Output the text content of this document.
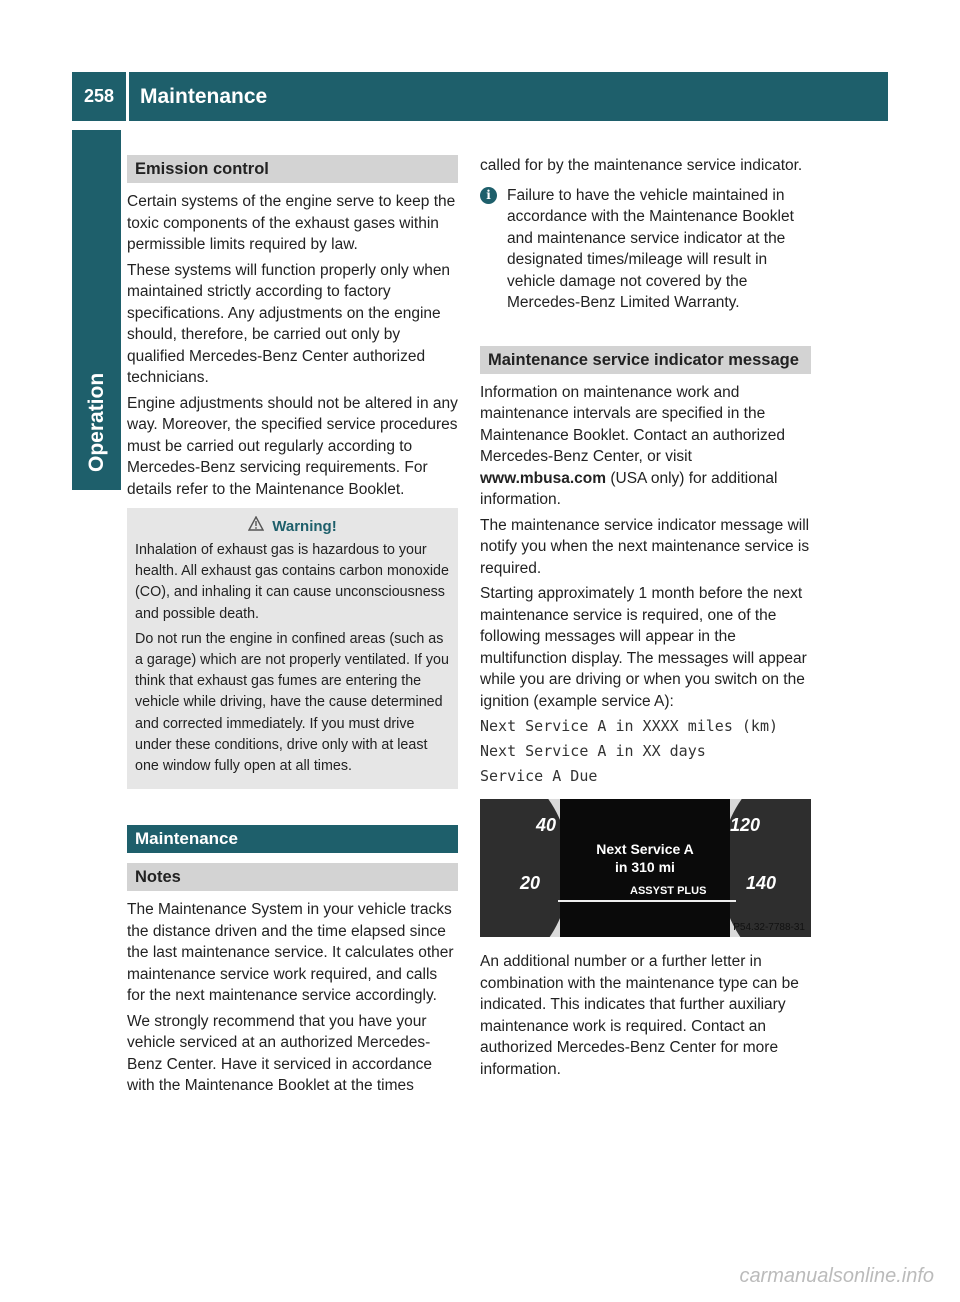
258	Maintenance
Operation
Emission control

Certain systems of the engine serve to keep the toxic components of the exhaust gases within permissible limits required by law.

These systems will function properly only when maintained strictly according to factory specifications. Any adjustments on the engine should, therefore, be carried out only by qualified Mercedes-Benz Center authorized technicians.

Engine adjustments should not be altered in any way. Moreover, the specified service procedures must be carried out regularly according to Mercedes-Benz servicing requirements. For details refer to the Maintenance Booklet.

Warning!

Inhalation of exhaust gas is hazardous to your health. All exhaust gas contains carbon monoxide (CO), and inhaling it can cause unconsciousness and possible death.

Do not run the engine in confined areas (such as a garage) which are not properly ventilated. If you think that exhaust gas fumes are entering the vehicle while driving, have the cause determined and corrected immediately. If you must drive under these conditions, drive only with at least one window fully open at all times.

Maintenance
Notes

The Maintenance System in your vehicle tracks the distance driven and the time elapsed since the last maintenance service. It calculates other maintenance service work required, and calls for the next maintenance service accordingly.

We strongly recommend that you have your vehicle serviced at an authorized Mercedes-Benz Center. Have it serviced in accordance with the Maintenance Booklet at the times

called for by the maintenance service indicator.

i	Failure to have the vehicle maintained in accordance with the Maintenance Booklet and maintenance service indicator at the designated times/mileage will result in vehicle damage not covered by the Mercedes-Benz Limited Warranty.

Maintenance service indicator message

Information on maintenance work and maintenance intervals are specified in the Maintenance Booklet. Contact an authorized Mercedes-Benz Center, or visit www.mbusa.com (USA only) for additional information.

The maintenance service indicator message will notify you when the next maintenance service is required.

Starting approximately 1 month before the next maintenance service is required, one of the following messages will appear in the multifunction display. The messages will appear while you are driving or when you switch on the ignition (example service A):

Next Service A in XXXX miles (km)
Next Service A in XX days
Service A Due
40
20
120
140
Next Service A
in 310 mi
ASSYST PLUS
P54.32-7788-31

An additional number or a further letter in combination with the maintenance type can be indicated. This indicates that further auxiliary maintenance work is required. Contact an authorized Mercedes-Benz Center for more information.

carmanualsonline.info
